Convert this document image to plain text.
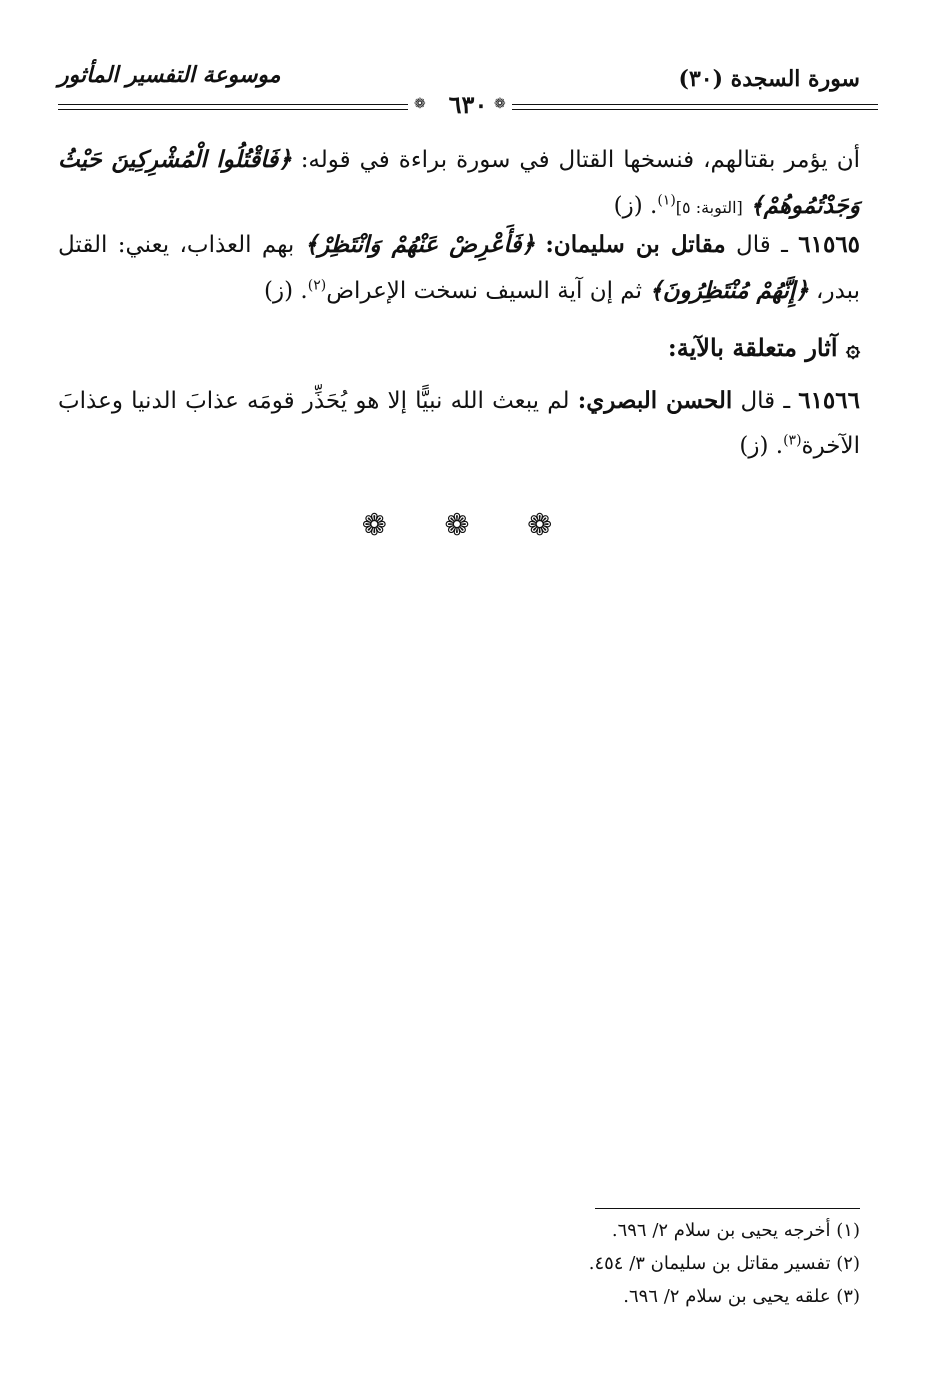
سورة السجدة (٣٠)
موسوعة التفسير المأثور
❁ ٦٣٠ ❁
أن يؤمر بقتالهم، فنسخها القتال في سورة براءة في قوله: ﴿فَاقْتُلُوا الْمُشْرِكِينَ حَيْثُ وَجَدْتُمُوهُمْ﴾ [التوبة: ٥]$^{(١)}$. (ز)
٦١٥٦٥ ـ قال مقاتل بن سليمان: ﴿فَأَعْرِضْ عَنْهُمْ وَانْتَظِرْ﴾ بهم العذاب، يعني: القتل ببدر، ﴿إِنَّهُمْ مُنْتَظِرُونَ﴾ ثم إن آية السيف نسخت الإعراض$^{(٢)}$. (ز)
۞ آثار متعلقة بالآية:
٦١٥٦٦ ـ قال الحسن البصري: لم يبعث الله نبيًّا إلا هو يُحَذِّر قومَه عذابَ الدنيا وعذابَ الآخرة$^{(٣)}$. (ز)
❁ ❁ ❁
(١) أخرجه يحيى بن سلام ٢/ ٦٩٦.
(٢) تفسير مقاتل بن سليمان ٣/ ٤٥٤.
(٣) علقه يحيى بن سلام ٢/ ٦٩٦.
